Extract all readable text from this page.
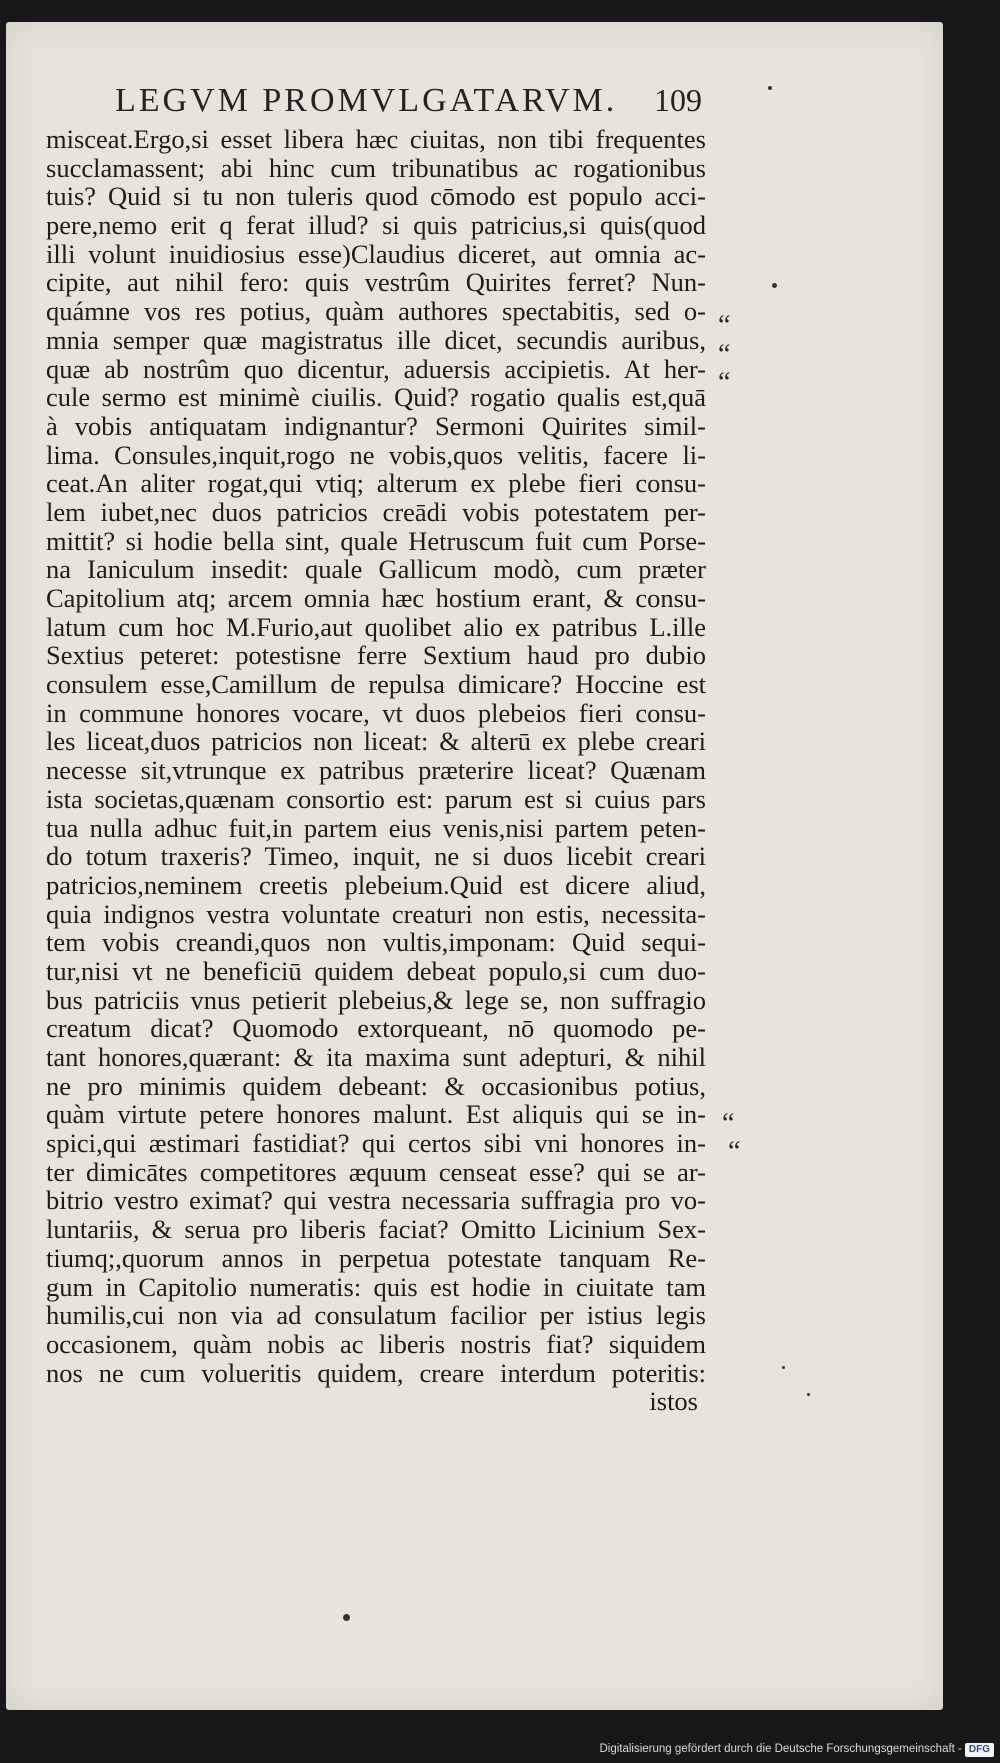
LEGVM PROMVLGATARVM. 109
misceat.Ergo,si esset libera hæc ciuitas, non tibi frequentes
succlamassent; abi hinc cum tribunatibus ac rogationibus
tuis? Quid si tu non tuleris quod cōmodo est populo acci-
pere,nemo erit q ferat illud? si quis patricius,si quis(quod
illi volunt inuidiosius esse)Claudius diceret, aut omnia ac-
cipite, aut nihil fero: quis vestrûm Quirites ferret? Nun-
quámne vos res potius, quàm authores spectabitis, sed o-
mnia semper quæ magistratus ille dicet, secundis auribus,
quæ ab nostrûm quo dicentur, aduersis accipietis. At her-
cule sermo est minimè ciuilis. Quid? rogatio qualis est,quā
à vobis antiquatam indignantur? Sermoni Quirites simil-
lima. Consules,inquit,rogo ne vobis,quos velitis, facere li-
ceat.An aliter rogat,qui vtiq; alterum ex plebe fieri consu-
lem iubet,nec duos patricios creādi vobis potestatem per-
mittit? si hodie bella sint, quale Hetruscum fuit cum Porse-
na Ianiculum insedit: quale Gallicum modò, cum præter
Capitolium atq; arcem omnia hæc hostium erant, & consu-
latum cum hoc M.Furio,aut quolibet alio ex patribus L.ille
Sextius peteret: potestisne ferre Sextium haud pro dubio
consulem esse,Camillum de repulsa dimicare? Hoccine est
in commune honores vocare, vt duos plebeios fieri consu-
les liceat,duos patricios non liceat: & alterū ex plebe creari
necesse sit,vtrunque ex patribus præterire liceat? Quænam
ista societas,quænam consortio est: parum est si cuius pars
tua nulla adhuc fuit,in partem eius venis,nisi partem peten-
do totum traxeris? Timeo, inquit, ne si duos licebit creari
patricios,neminem creetis plebeium.Quid est dicere aliud,
quia indignos vestra voluntate creaturi non estis, necessita-
tem vobis creandi,quos non vultis,imponam: Quid sequi-
tur,nisi vt ne beneficiū quidem debeat populo,si cum duo-
bus patriciis vnus petierit plebeius,& lege se, non suffragio
creatum dicat? Quomodo extorqueant, nō quomodo pe-
tant honores,quærant: & ita maxima sunt adepturi, & nihil
ne pro minimis quidem debeant: & occasionibus potius,
quàm virtute petere honores malunt. Est aliquis qui se in-
spici,qui æstimari fastidiat? qui certos sibi vni honores in-
ter dimicātes competitores æquum censeat esse? qui se ar-
bitrio vestro eximat? qui vestra necessaria suffragia pro vo-
luntariis, & serua pro liberis faciat? Omitto Licinium Sex-
tiumq;,quorum annos in perpetua potestate tanquam Re-
gum in Capitolio numeratis: quis est hodie in ciuitate tam
humilis,cui non via ad consulatum facilior per istius legis
occasionem, quàm nobis ac liberis nostris fiat? siquidem
nos ne cum volueritis quidem, creare interdum poteritis:
istos
“
“
“
“
“
Digitalisierung gefördert durch die Deutsche Forschungsgemeinschaft - DFG
